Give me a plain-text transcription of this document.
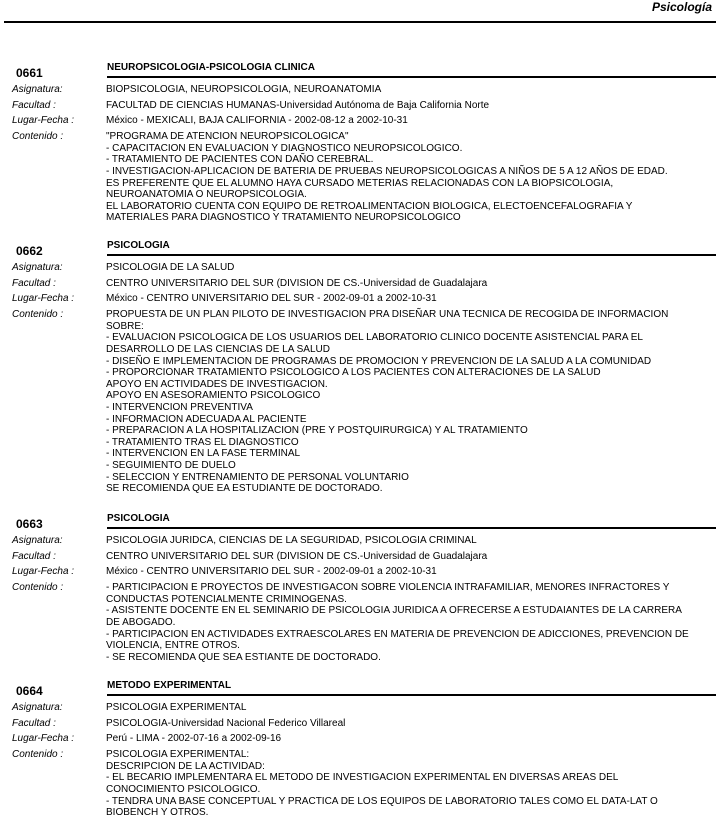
Psicología
0661	NEUROPSICOLOGIA-PSICOLOGIA CLINICA
Asignatura:	BIOPSICOLOGIA, NEUROPSICOLOGIA, NEUROANATOMIA
Facultad :	FACULTAD DE CIENCIAS HUMANAS-Universidad Autónoma de Baja California Norte
Lugar-Fecha :	México - MEXICALI, BAJA CALIFORNIA - 2002-08-12 a 2002-10-31
Contenido :	"PROGRAMA DE ATENCION NEUROPSICOLOGICA"
- CAPACITACION EN EVALUACION Y DIAGNOSTICO NEUROPSICOLOGICO.
- TRATAMIENTO DE PACIENTES CON DAÑO CEREBRAL.
- INVESTIGACION-APLICACION DE BATERIA DE PRUEBAS NEUROPSICOLOGICAS A NIÑOS DE 5 A 12 AÑOS DE EDAD.
ES PREFERENTE QUE EL ALUMNO HAYA CURSADO METERIAS RELACIONADAS CON LA BIOPSICOLOGIA,
NEUROANATOMIA O NEUROPSICOLOGIA.
EL LABORATORIO CUENTA CON EQUIPO DE RETROALIMENTACION BIOLOGICA, ELECTOENCEFALOGRAFIA Y
MATERIALES PARA DIAGNOSTICO Y TRATAMIENTO NEUROPSICOLOGICO
0662	PSICOLOGIA
Asignatura:	PSICOLOGIA DE LA SALUD
Facultad :	CENTRO UNIVERSITARIO DEL SUR (DIVISION DE CS.-Universidad de Guadalajara
Lugar-Fecha :	México - CENTRO UNIVERSITARIO DEL SUR - 2002-09-01 a 2002-10-31
Contenido :	PROPUESTA DE UN PLAN PILOTO DE INVESTIGACION PRA DISEÑAR UNA TECNICA DE RECOGIDA DE INFORMACION
SOBRE:
- EVALUACION PSICOLOGICA DE LOS USUARIOS DEL LABORATORIO CLINICO DOCENTE ASISTENCIAL PARA EL
DESARROLLO DE LAS CIENCIAS DE LA SALUD
- DISEÑO E IMPLEMENTACION DE PROGRAMAS DE PROMOCION Y PREVENCION DE LA SALUD A LA COMUNIDAD
- PROPORCIONAR TRATAMIENTO PSICOLOGICO A LOS PACIENTES CON ALTERACIONES DE LA SALUD
APOYO EN ACTIVIDADES DE INVESTIGACION.
APOYO EN ASESORAMIENTO PSICOLOGICO
- INTERVENCION PREVENTIVA
- INFORMACION ADECUADA AL PACIENTE
- PREPARACION A LA HOSPITALIZACION (PRE Y POSTQUIRURGICA) Y AL TRATAMIENTO
- TRATAMIENTO TRAS EL DIAGNOSTICO
- INTERVENCION EN LA FASE TERMINAL
- SEGUIMIENTO DE DUELO
- SELECCION Y ENTRENAMIENTO DE PERSONAL VOLUNTARIO
SE RECOMIENDA QUE EA ESTUDIANTE DE DOCTORADO.
0663	PSICOLOGIA
Asignatura:	PSICOLOGIA JURIDCA, CIENCIAS DE LA SEGURIDAD, PSICOLOGIA CRIMINAL
Facultad :	CENTRO UNIVERSITARIO DEL SUR (DIVISION DE CS.-Universidad de Guadalajara
Lugar-Fecha :	México - CENTRO UNIVERSITARIO DEL SUR - 2002-09-01 a 2002-10-31
Contenido :	- PARTICIPACION E PROYECTOS DE INVESTIGACON SOBRE VIOLENCIA INTRAFAMILIAR, MENORES INFRACTORES Y
CONDUCTAS POTENCIALMENTE CRIMINOGENAS.
- ASISTENTE DOCENTE EN EL SEMINARIO DE PSICOLOGIA JURIDICA A OFRECERSE A ESTUDAIANTES DE LA CARRERA
DE ABOGADO.
- PARTICIPACION EN ACTIVIDADES EXTRAESCOLARES EN MATERIA DE PREVENCION DE ADICCIONES, PREVENCION DE
VIOLENCIA, ENTRE OTROS.
- SE RECOMIENDA QUE SEA ESTIANTE DE DOCTORADO.
0664	METODO EXPERIMENTAL
Asignatura:	PSICOLOGIA EXPERIMENTAL
Facultad :	PSICOLOGIA-Universidad Nacional Federico Villareal
Lugar-Fecha :	Perú - LIMA - 2002-07-16 a 2002-09-16
Contenido :	PSICOLOGIA EXPERIMENTAL:
DESCRIPCION DE LA ACTIVIDAD:
- EL BECARIO IMPLEMENTARA EL METODO DE INVESTIGACION EXPERIMENTAL EN DIVERSAS AREAS DEL
CONOCIMIENTO PSICOLOGICO.
- TENDRA UNA BASE CONCEPTUAL Y PRACTICA DE LOS EQUIPOS DE LABORATORIO TALES COMO EL DATA-LAT O
BIOBENCH Y OTROS.
